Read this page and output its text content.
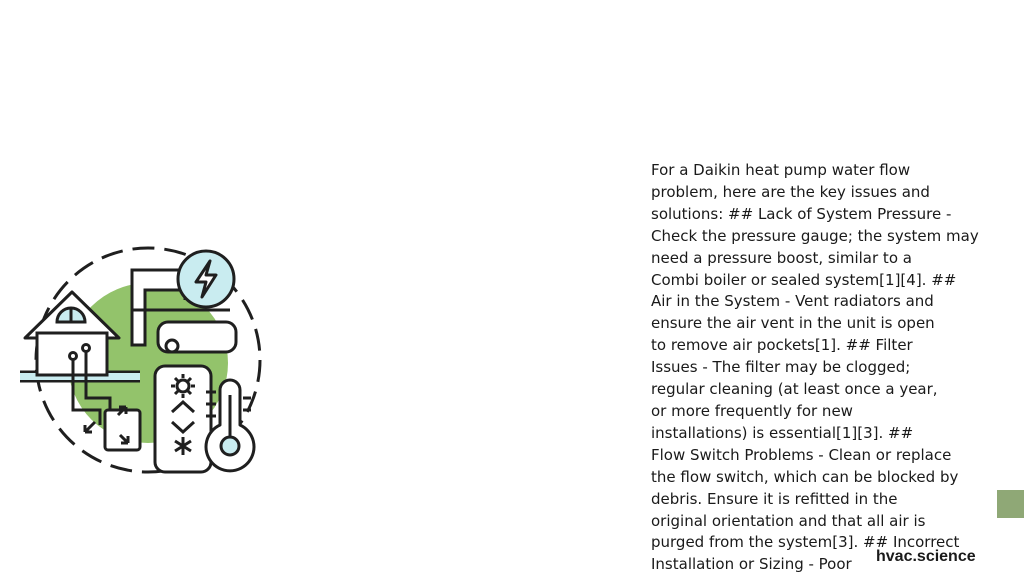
For a Daikin heat pump water flow
problem, here are the key issues and
solutions: ## Lack of System Pressure -
Check the pressure gauge; the system may
need a pressure boost, similar to a
Combi boiler or sealed system[1][4]. ##
Air in the System - Vent radiators and
ensure the air vent in the unit is open
to remove air pockets[1]. ## Filter
Issues - The filter may be clogged;
regular cleaning (at least once a year,
or more frequently for new
installations) is essential[1][3]. ##
Flow Switch Problems - Clean or replace
the flow switch, which can be blocked by
debris. Ensure it is refitted in the
original orientation and that all air is
purged from the system[3]. ## Incorrect
Installation or Sizing - Poor	hvac.science
